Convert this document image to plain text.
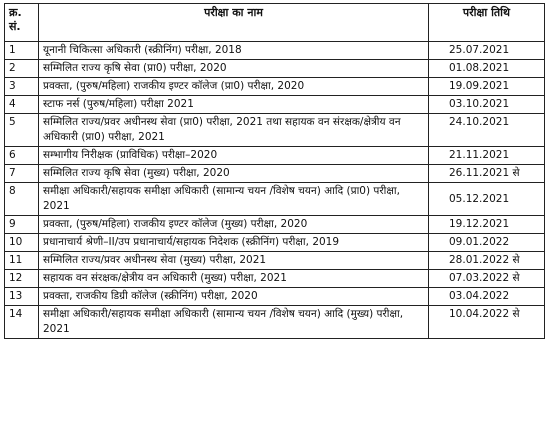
क्र. सं.	परीक्षा का नाम	परीक्षा तिथि
1	यूनानी चिकित्सा अधिकारी (स्क्रीनिंग) परीक्षा, 2018	25.07.2021
2	सम्मिलित राज्य कृषि सेवा (प्रा0) परीक्षा, 2020	01.08.2021
3	प्रवक्ता, (पुरुष/महिला) राजकीय इण्टर कॉलेज (प्रा0) परीक्षा, 2020	19.09.2021
4	स्टाफ नर्स (पुरुष/महिला) परीक्षा 2021	03.10.2021
5	सम्मिलित राज्य/प्रवर अधीनस्थ सेवा (प्रा0) परीक्षा, 2021 तथा सहायक वन संरक्षक/क्षेत्रीय वन अधिकारी (प्रा0) परीक्षा, 2021	24.10.2021
6	सम्भागीय निरीक्षक (प्राविधिक) परीक्षा–2020	21.11.2021
7	सम्मिलित राज्य कृषि सेवा (मुख्य) परीक्षा, 2020	26.11.2021 से
8	समीक्षा अधिकारी/सहायक समीक्षा अधिकारी (सामान्य चयन /विशेष चयन) आदि (प्रा0) परीक्षा, 2021	05.12.2021
9	प्रवक्ता, (पुरुष/महिला) राजकीय इण्टर कॉलेज (मुख्य) परीक्षा, 2020	19.12.2021
10	प्रधानाचार्य श्रेणी–II/उप प्रधानाचार्य/सहायक निदेशक (स्क्रीनिंग) परीक्षा, 2019	09.01.2022
11	सम्मिलित राज्य/प्रवर अधीनस्थ सेवा (मुख्य) परीक्षा, 2021	28.01.2022 से
12	सहायक वन संरक्षक/क्षेत्रीय वन अधिकारी (मुख्य) परीक्षा, 2021	07.03.2022 से
13	प्रवक्ता, राजकीय डिग्री कॉलेज (स्क्रीनिंग) परीक्षा, 2020	03.04.2022
14	समीक्षा अधिकारी/सहायक समीक्षा अधिकारी (सामान्य चयन /विशेष चयन) आदि (मुख्य) परीक्षा, 2021	10.04.2022 से
